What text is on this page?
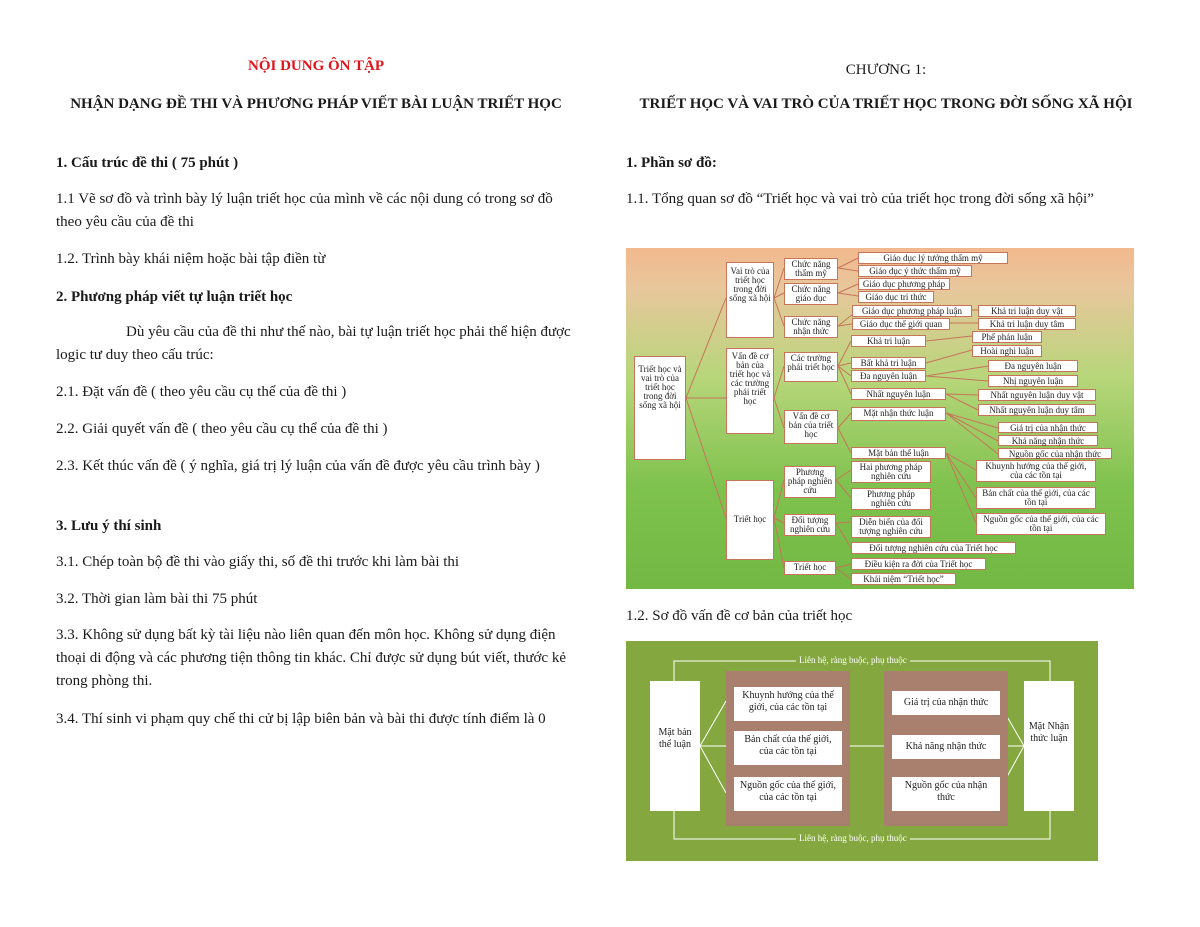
NỘI DUNG ÔN TẬP
NHẬN DẠNG ĐỀ THI VÀ PHƯƠNG PHÁP VIẾT BÀI LUẬN TRIẾT HỌC
1. Cấu trúc đề thi ( 75 phút )
1.1 Vẽ sơ đồ và trình bày lý luận triết học của mình về các nội dung có trong sơ đồ theo yêu cầu của đề thi
1.2. Trình bày khái niệm hoặc bài tập điền từ
2. Phương pháp viết tự luận triết học
Dù yêu cầu của đề thi như thế nào, bài tự luận triết học phải thể hiện được logic tư duy theo cấu trúc:
2.1. Đặt vấn đề ( theo yêu cầu cụ thể của đề thi )
2.2. Giải quyết vấn đề ( theo yêu cầu cụ thể của đề thi )
2.3. Kết thúc vấn đề ( ý nghĩa, giá trị lý luận của vấn đề được yêu cầu trình bày )
3. Lưu ý thí sinh
3.1. Chép toàn bộ đề thi vào giấy thi, số đề thi trước khi làm bài thi
3.2. Thời gian làm bài thi 75 phút
3.3. Không sử dụng bất kỳ tài liệu nào liên quan đến môn học. Không sử dụng điện thoại di động và các phương tiện thông tin khác. Chỉ được sử dụng bút viết, thước kẻ trong phòng thi.
3.4. Thí sinh vi phạm quy chế thi cử bị lập biên bản và bài thi được tính điểm là 0
CHƯƠNG 1:
TRIẾT HỌC VÀ VAI TRÒ CỦA TRIẾT HỌC TRONG ĐỜI SỐNG XÃ HỘI
1. Phần sơ đồ:
1.1. Tổng quan sơ đồ “Triết học và vai trò của triết học trong đời sống xã hội”
1.2. Sơ đồ vấn đề cơ bản của triết học
Triết học và vai trò của triết học trong đời sống xã hội
Vai trò của triết học trong đời sống xã hội
Vấn đề cơ bản của triết học và các trường phái triết học
Triết học
Chức năng thẩm mỹ
Chức năng giáo dục
Chức năng nhận thức
Các trường phái triết học
Vấn đề cơ bản của triết học
Phương pháp nghiên cứu
Đối tượng nghiên cứu
Triết học
Giáo dục lý tưởng thẩm mỹ
Giáo dục ý thức thẩm mỹ
Giáo dục phương pháp
Giáo dục tri thức
Giáo dục phương pháp luận
Giáo dục thế giới quan
Khả tri luận
Bất khả tri luận
Đa nguyên luận
Nhất nguyên luận
Mặt nhận thức luận
Mặt bản thể luận
Hai phương pháp nghiên cứu
Phương pháp nghiên cứu
Diễn biến của đối tượng nghiên cứu
Đối tượng nghiên cứu của Triết học
Điều kiện ra đời của Triết học
Khái niệm “Triết học”
Khả tri luận duy vật
Khả tri luận duy tâm
Phế phán luận
Hoài nghi luận
Đa nguyên luận
Nhị nguyên luận
Nhất nguyên luận duy vật
Nhất nguyên luận duy tâm
Giá trị của nhận thức
Khả năng nhận thức
Nguồn gốc của nhận thức
Khuynh hướng của thế giới, của các tồn tại
Bản chất của thế giới, của các tồn tại
Nguồn gốc của thế giới, của các tồn tại
Liên hệ, ràng buộc, phụ thuộc
Liên hệ, ràng buộc, phụ thuộc
Mặt bản thể luận
Mặt Nhận thức luận
Khuynh hướng của thế giới, của các tồn tại
Bản chất của thế giới, của các tồn tại
Nguồn gốc của thế giới, của các tồn tại
Giá trị của nhận thức
Khả năng nhận thức
Nguồn gốc của nhận thức
